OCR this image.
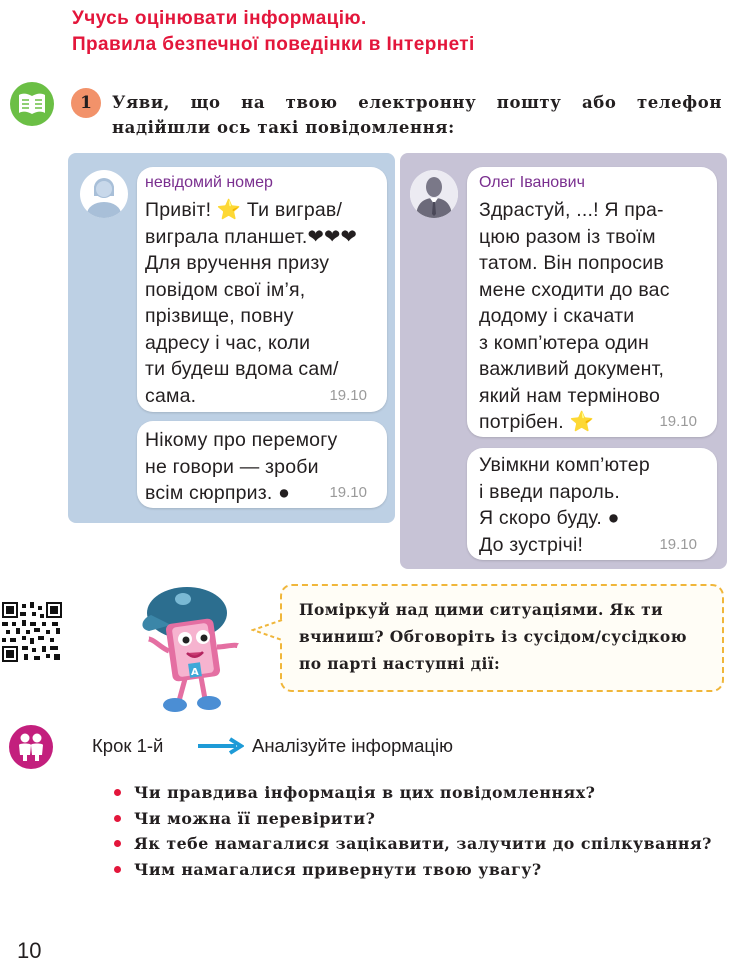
Учусь оцінювати інформацію.
Правила безпечної поведінки в Інтернеті
1	Уяви, що на твою електронну пошту або телефон надійшли ось такі повідомлення:
невідомий номер
Привіт! ⭐ Ти виграв/
виграла планшет.❤❤❤
Для вручення призу
повідом свої ім’я,
прізвище, повну
адресу і час, коли
ти будеш вдома сам/
сама.	19.10
Нікому про перемогу
не говори — зроби
всім сюрприз. ●	19.10
Олег Іванович
Здрастуй, ...! Я пра-
цюю разом із твоїм
татом. Він попросив
мене сходити до вас
додому і скачати
з комп’ютера один
важливий документ,
який нам терміново
потрібен. ⭐	19.10
Увімкни комп’ютер
і введи пароль.
Я скоро буду. ●
До зустрічі!	19.10
A
Поміркуй над цими ситуаціями. Як ти вчиниш? Обговоріть із сусідом/сусідкою по парті наступні дії:
Крок 1-й	Аналізуйте інформацію
Чи правдива інформація в цих повідомленнях?
Чи можна її перевірити?
Як тебе намагалися зацікавити, залучити до спілкування?
Чим намагалися привернути твою увагу?
10
